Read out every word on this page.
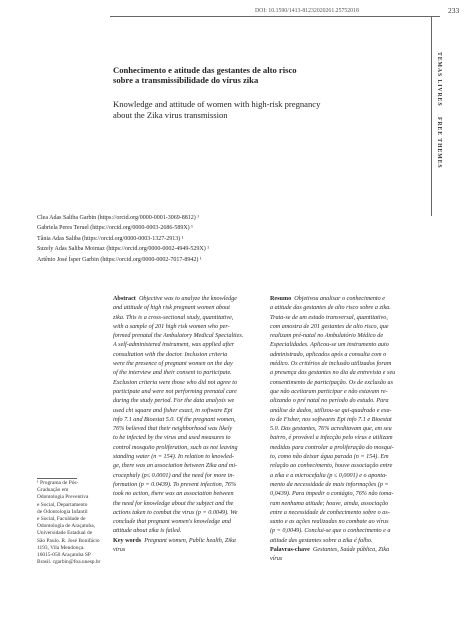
DOI: 10.1590/1413-81232020261.25752018	233
TEMAS LIVRES  FREE THEMES
Conhecimento e atitude das gestantes de alto risco
sobre a transmissibilidade do vírus zika
Knowledge and attitude of women with high-risk pregnancy
about the Zika virus transmission
Clea Adas Saliba Garbin (https://orcid.org/0000-0001-3069-8812) ¹
Gabriela Peres Teruel (https://orcid.org/0000-0003-2686-589X) ¹
Tânia Adas Saliba (https://orcid.org/0000-0003-1327-2913) ¹
Suzely Adas Saliba Moimaz (https://orcid.org/0000-0002-4949-529X) ¹
Artênio José Ísper Garbin (https://orcid.org/0000-0002-7017-8942) ¹
Abstract Objective was to analyze the knowledge
and attitude of high risk pregnant women about
zika. This is a cross-sectional study, quantitative,
with a sample of 201 high risk women who per-
formed prenatal the Ambulatory Medical Specialties.
A self-administered instrument, was applied after
consultation with the doctor. Inclusion criteria
were the presence of pregnant women on the day
of the interview and their consent to participate.
Exclusion criteria were those who did not agree to
participate and were not performing prenatal care
during the study period. For the data analysis we
used chi square and fisher exact, in software Epi
info 7.1 and Bioestat 5.0. Of the pregnant women,
76% believed that their neighborhood was likely
to be infected by the virus and used measures to
control mosquito proliferation, such as not leaving
standing water (n = 154). In relation to knowled-
ge, there was an association between Zika and mi-
crocephaly (p≤ 0.0001) and the need for more in-
formation (p = 0.0439). To prevent infection, 76%
took no action, there was an association between
the need for knowledge about the subject and the
actions taken to combat the virus (p = 0.0049). We
conclude that pregnant women's knowledge and
attitude about zika is failed.
Key words Pregnant women, Public health, Zika
virus
Resumo Objetivou analisar o conhecimento e
a atitude das gestantes de alto risco sobre a zika.
Trata-se de um estudo transversal, quantitativo,
com amostra de 201 gestantes de alto risco, que
realizam pré-natal no Ambulatório Médico de
Especialidades. Aplicou-se um instrumento auto
administrado, aplicados após a consulta com o
médico. Os critérios de inclusão utilizados foram
a presença das gestantes no dia da entrevista e seu
consentimento de participação. Os de exclusão as
que não aceitaram participar e não estavam re-
alizando o pré natal no período do estudo. Para
análise de dados, utilizou-se qui-quadrado e exa-
to de Fisher, nos softwares Epi info 7.1 e Bioestat
5.0. Das gestantes, 76% acreditavam que, em seu
bairro, é provável a infecção pelo vírus e utilizam
medidas para controlar a proliferação do mosqui-
to, como não deixar água parada (n = 154). Em
relação ao conhecimento, houve associação entre
a zika e a microcefalia (p ≤ 0,0001) e o aponta-
mento da necessidade de mais informações (p =
0,0439). Para impedir o contágio, 76% não toma-
ram nenhuma atitude; houve, ainda, associação
entre a necessidade de conhecimento sobre o as-
sunto e as ações realizadas no combate ao vírus
(p = 0,0049). Conclui-se que o conhecimento e a
atitude das gestantes sobre a zika é falho.
Palavras-chave Gestantes, Saúde pública, Zika
vírus
¹ Programa de Pós-
Graduação em
Odontologia Preventiva
e Social, Departamento
de Odontologia Infantil
e Social, Faculdade de
Odontologia de Araçatuba,
Universidade Estadual de
São Paulo. R. José Bonifácio
1193, Vila Mendonça.
16015-050 Araçatuba SP
Brasil. cgarbin@foa.unesp.br
